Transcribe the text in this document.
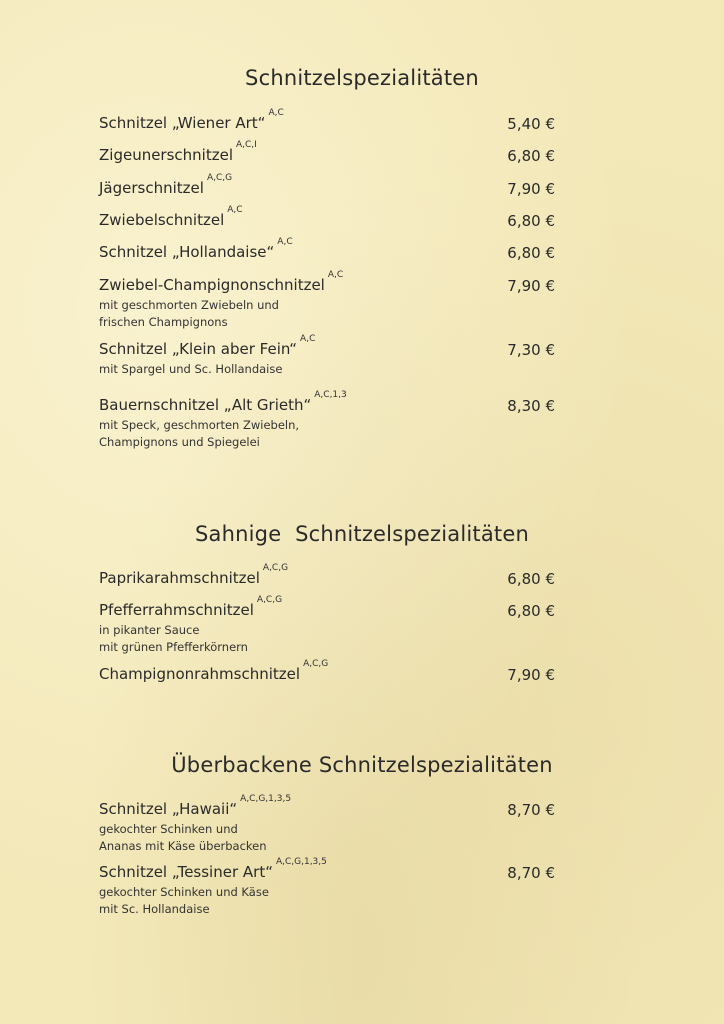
Schnitzelspezialitäten
Schnitzel „Wiener Art“$^{A,C}$
5,40 €
Zigeunerschnitzel$^{A,C,I}$
6,80 €
Jägerschnitzel$^{A,C,G}$
7,90 €
Zwiebelschnitzel$^{A,C}$
6,80 €
Schnitzel „Hollandaise“$^{A,C}$
6,80 €
Zwiebel-Champignonschnitzel$^{A,C}$
7,90 €
mit geschmorten Zwiebeln und
frischen Champignons
Schnitzel „Klein aber Fein“$^{A,C}$
7,30 €
mit Spargel und Sc. Hollandaise
Bauernschnitzel „Alt Grieth“$^{A,C,1,3}$
8,30 €
mit Speck, geschmorten Zwiebeln,
Champignons und Spiegelei
Sahnige  Schnitzelspezialitäten
Paprikarahmschnitzel$^{A,C,G}$
6,80 €
Pfefferrahmschnitzel$^{A,C,G}$
6,80 €
in pikanter Sauce
mit grünen Pfefferkörnern
Champignonrahmschnitzel$^{A,C,G}$
7,90 €
Überbackene Schnitzelspezialitäten
Schnitzel „Hawaii“$^{A,C,G,1,3,5}$
8,70 €
gekochter Schinken und
Ananas mit Käse überbacken
Schnitzel „Tessiner Art“$^{A,C,G,1,3,5}$
8,70 €
gekochter Schinken und Käse
mit Sc. Hollandaise
